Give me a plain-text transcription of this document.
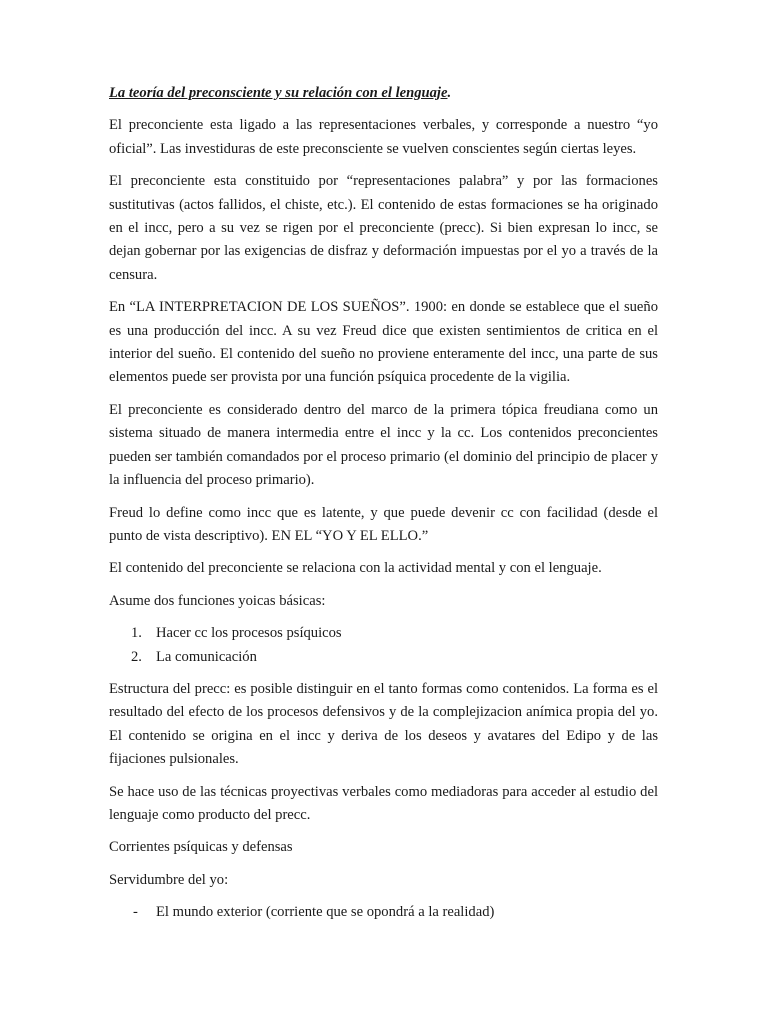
La teoría del preconsciente y su relación con el lenguaje.

El preconciente esta ligado a las representaciones verbales, y corresponde a nuestro “yo oficial”. Las investiduras de este preconsciente se vuelven conscientes según ciertas leyes.

El preconciente esta constituido por “representaciones palabra” y por las formaciones sustitutivas (actos fallidos, el chiste, etc.). El contenido de estas formaciones se ha originado en el incc, pero a su vez se rigen por el preconciente (precc). Si bien expresan lo incc, se dejan gobernar por las exigencias de disfraz y deformación impuestas por el yo a través de la censura.

En “LA INTERPRETACION DE LOS SUEÑOS”. 1900: en donde se establece que el sueño es una producción del incc. A su vez Freud dice que existen sentimientos de critica en el interior del sueño. El contenido del sueño no proviene enteramente del incc, una parte de sus elementos puede ser provista por una función psíquica procedente de la vigilia.

El preconciente es considerado dentro del marco de la primera tópica freudiana como un sistema situado de manera intermedia entre el incc y la cc. Los contenidos preconcientes pueden ser también comandados por el proceso primario (el dominio del principio de placer y la influencia del proceso primario).

Freud lo define como incc que es latente, y que puede devenir cc con facilidad (desde el punto de vista descriptivo). EN EL “YO Y EL ELLO.”

El contenido del preconciente se relaciona con la actividad mental y con el lenguaje.

Asume dos funciones yoicas básicas:

1. Hacer cc los procesos psíquicos
2. La comunicación

Estructura del precc: es posible distinguir en el tanto formas como contenidos. La forma es el resultado del efecto de los procesos defensivos y de la complejizacion anímica propia del yo. El contenido se origina en el incc y deriva de los deseos y avatares del Edipo y de las fijaciones pulsionales.

Se hace uso de las técnicas proyectivas verbales como mediadoras para acceder al estudio del lenguaje como producto del precc.

Corrientes psíquicas y defensas

Servidumbre del yo:

- El mundo exterior (corriente que se opondrá a la realidad)
